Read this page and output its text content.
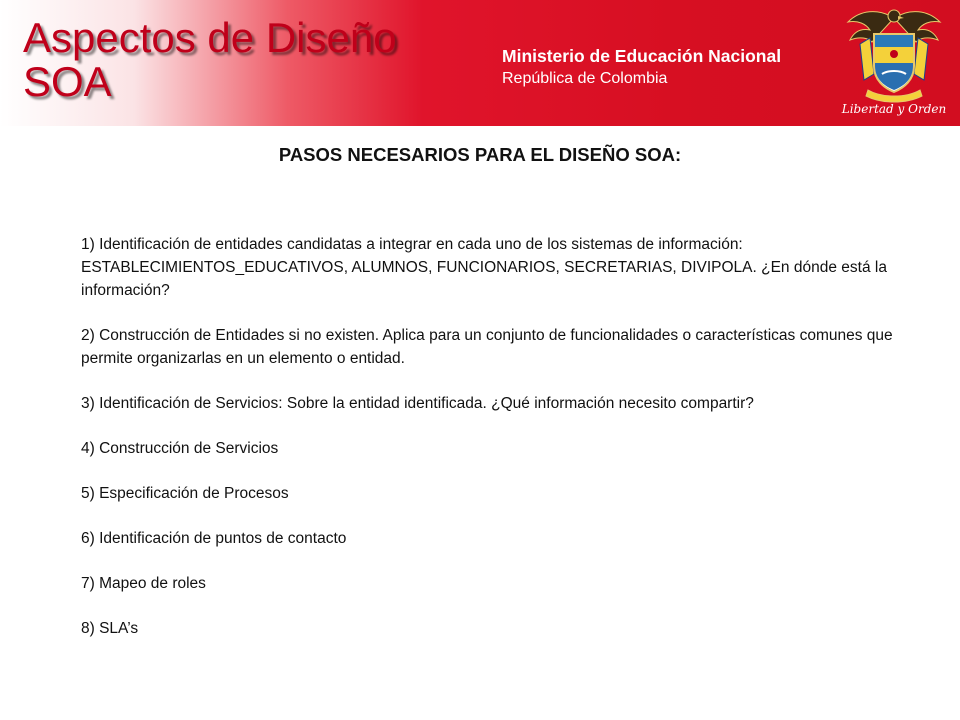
Aspectos de Diseño
SOA
Ministerio de Educación Nacional
República de Colombia
Libertad y Orden
PASOS NECESARIOS PARA EL DISEÑO SOA:

1) Identificación de entidades candidatas a integrar en cada uno de los sistemas de información: ESTABLECIMIENTOS_EDUCATIVOS, ALUMNOS, FUNCIONARIOS, SECRETARIAS, DIVIPOLA. ¿En dónde está la información?

2) Construcción de Entidades si no existen. Aplica para un conjunto de funcionalidades o características comunes que permite organizarlas en un elemento o entidad.

3) Identificación de Servicios: Sobre la entidad identificada. ¿Qué información necesito compartir?

4) Construcción de Servicios

5) Especificación de Procesos

6) Identificación de puntos de contacto

7) Mapeo de roles

8) SLA’s
